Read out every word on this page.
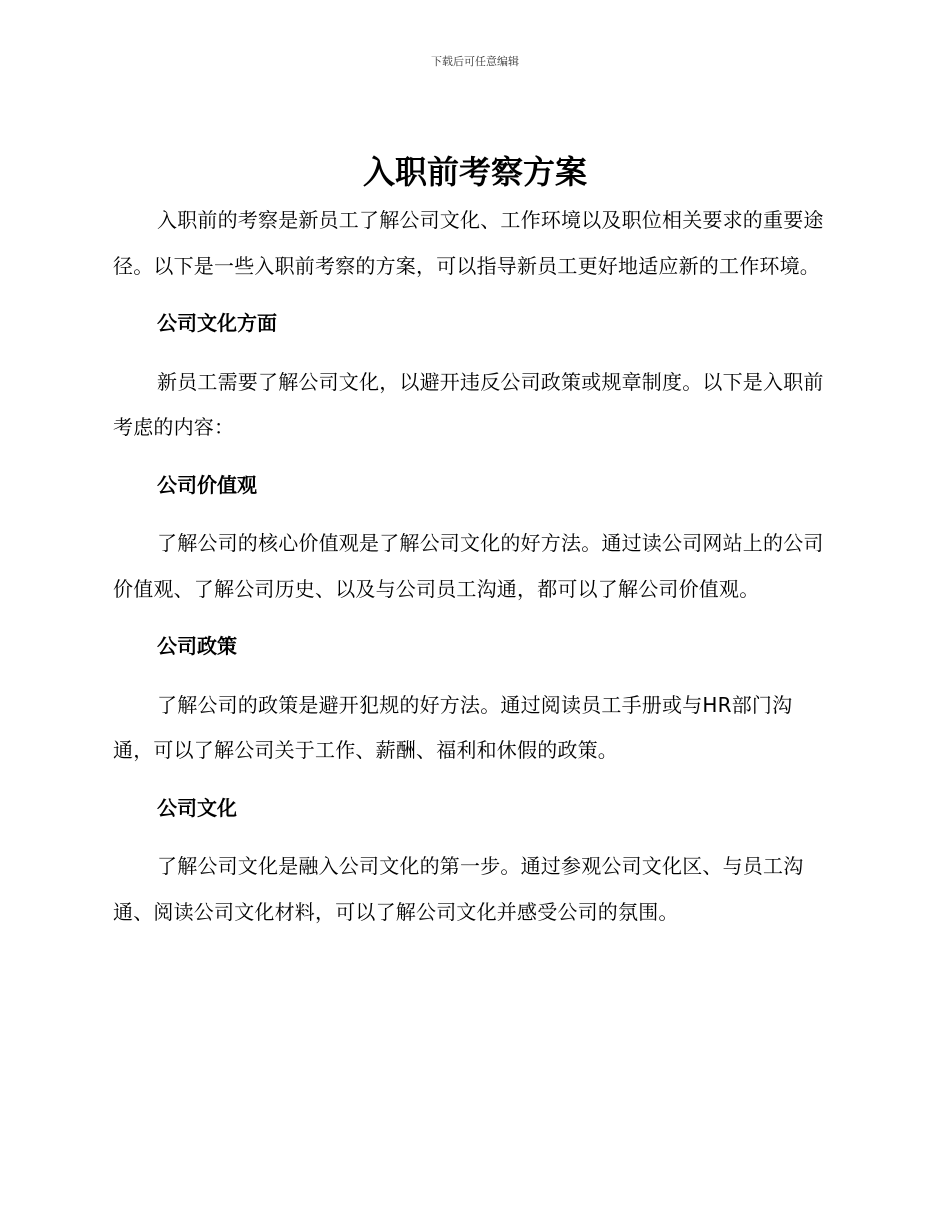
下载后可任意编辑
入职前考察方案

入职前的考察是新员工了解公司文化、工作环境以及职位相关要求的重要途径。以下是一些入职前考察的方案，可以指导新员工更好地适应新的工作环境。

公司文化方面

新员工需要了解公司文化，以避开违反公司政策或规章制度。以下是入职前考虑的内容：

公司价值观

了解公司的核心价值观是了解公司文化的好方法。通过读公司网站上的公司价值观、了解公司历史、以及与公司员工沟通，都可以了解公司价值观。

公司政策

了解公司的政策是避开犯规的好方法。通过阅读员工手册或与HR部门沟通，可以了解公司关于工作、薪酬、福利和休假的政策。

公司文化

了解公司文化是融入公司文化的第一步。通过参观公司文化区、与员工沟通、阅读公司文化材料，可以了解公司文化并感受公司的氛围。
